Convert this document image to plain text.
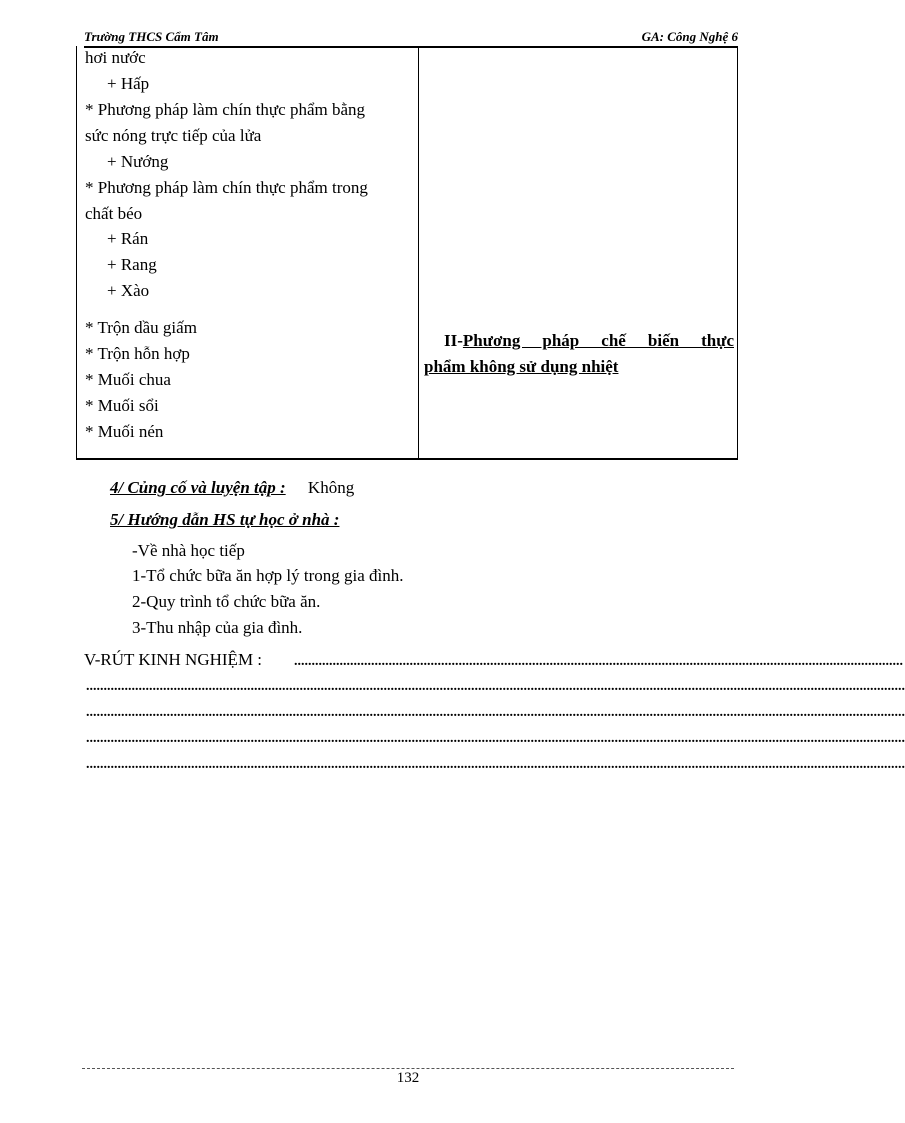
Trường THCS Cẩm Tâm	GA: Công Nghệ 6
hơi nước
+ Hấp
* Phương pháp làm chín thực phẩm bằng
sức nóng trực tiếp của lửa
+ Nướng
* Phương pháp làm chín thực phẩm trong
chất béo
+ Rán
+ Rang
+ Xào
* Trộn dầu giấm
* Trộn hỗn hợp
* Muối chua
* Muối sổi
* Muối nén
II-Phương pháp chế biến thực
phẩm không sử dụng nhiệt
4/ Củng cố và luyện tập : Không
5/ Hướng dẫn HS tự học ở nhà :
-Về nhà học tiếp
1-Tổ chức bữa ăn hợp lý trong gia đình.
2-Quy trình tổ chức bữa ăn.
3-Thu nhập của gia đình.
V-RÚT KINH NGHIỆM : ..............................................................................................................................................................................
..........................................................................................................................................................................................................................................
..........................................................................................................................................................................................................................................
..........................................................................................................................................................................................................................................
..........................................................................................................................................................................................................................................
132
